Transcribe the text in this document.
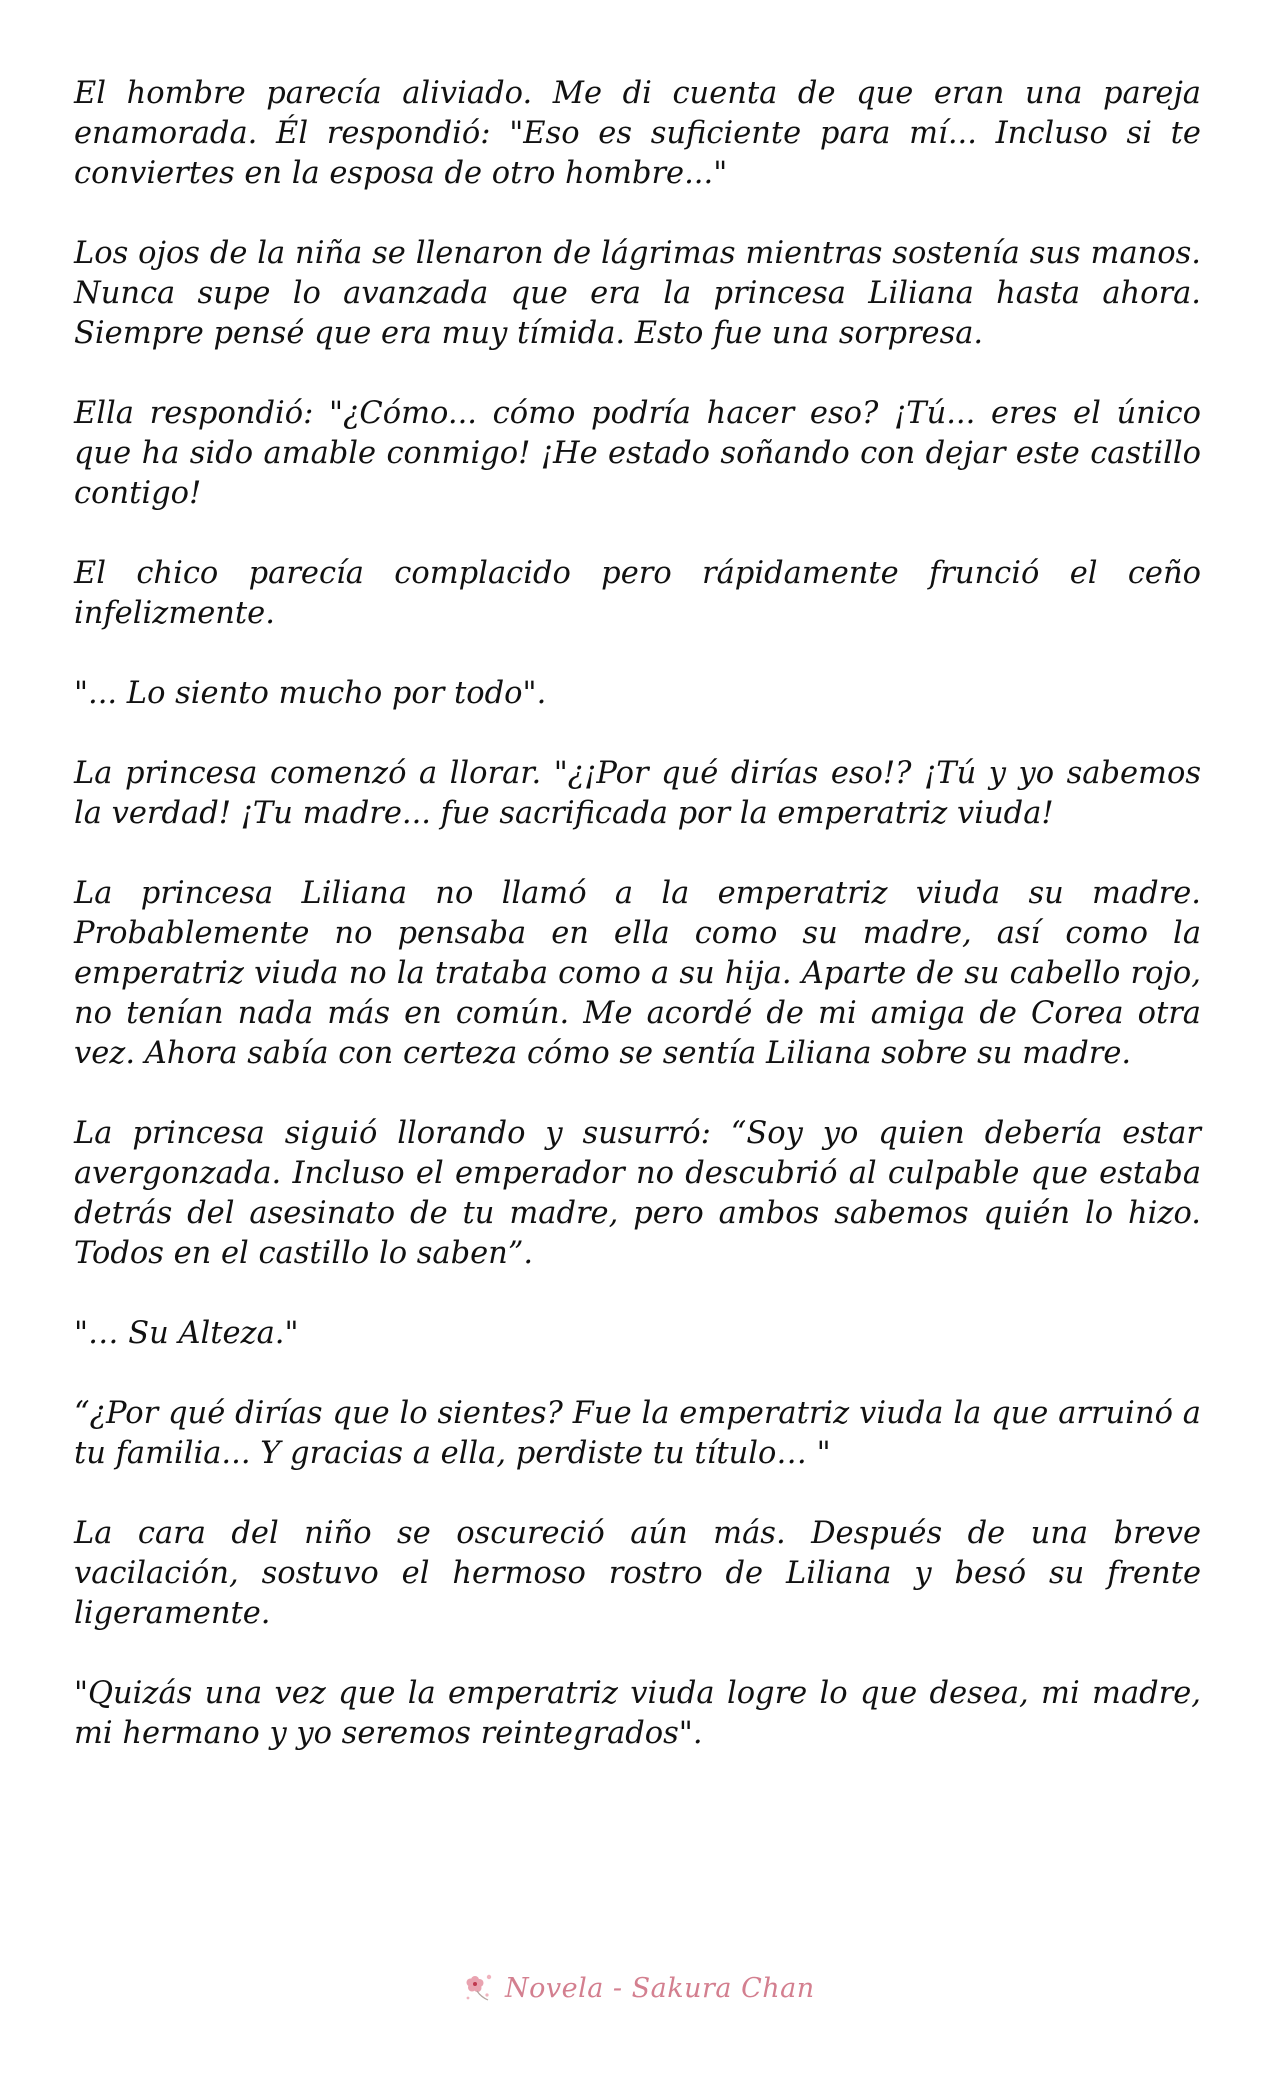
El hombre parecía aliviado. Me di cuenta de que eran una pareja enamorada. Él respondió: "Eso es suficiente para mí... Incluso si te conviertes en la esposa de otro hombre..."

Los ojos de la niña se llenaron de lágrimas mientras sostenía sus manos. Nunca supe lo avanzada que era la princesa Liliana hasta ahora. Siempre pensé que era muy tímida. Esto fue una sorpresa.

Ella respondió: "¿Cómo... cómo podría hacer eso? ¡Tú... eres el único que ha sido amable conmigo! ¡He estado soñando con dejar este castillo contigo!

El chico parecía complacido pero rápidamente frunció el ceño infelizmente.

"... Lo siento mucho por todo".

La princesa comenzó a llorar. "¿¡Por qué dirías eso!? ¡Tú y yo sabemos la verdad! ¡Tu madre... fue sacrificada por la emperatriz viuda!

La princesa Liliana no llamó a la emperatriz viuda su madre. Probablemente no pensaba en ella como su madre, así como la emperatriz viuda no la trataba como a su hija. Aparte de su cabello rojo, no tenían nada más en común. Me acordé de mi amiga de Corea otra vez. Ahora sabía con certeza cómo se sentía Liliana sobre su madre.

La princesa siguió llorando y susurró: “Soy yo quien debería estar avergonzada. Incluso el emperador no descubrió al culpable que estaba detrás del asesinato de tu madre, pero ambos sabemos quién lo hizo. Todos en el castillo lo saben”.

"… Su Alteza."

“¿Por qué dirías que lo sientes? Fue la emperatriz viuda la que arruinó a tu familia... Y gracias a ella, perdiste tu título… "

La cara del niño se oscureció aún más. Después de una breve vacilación, sostuvo el hermoso rostro de Liliana y besó su frente ligeramente.

"Quizás una vez que la emperatriz viuda logre lo que desea, mi madre, mi hermano y yo seremos reintegrados".

Novela - Sakura Chan
